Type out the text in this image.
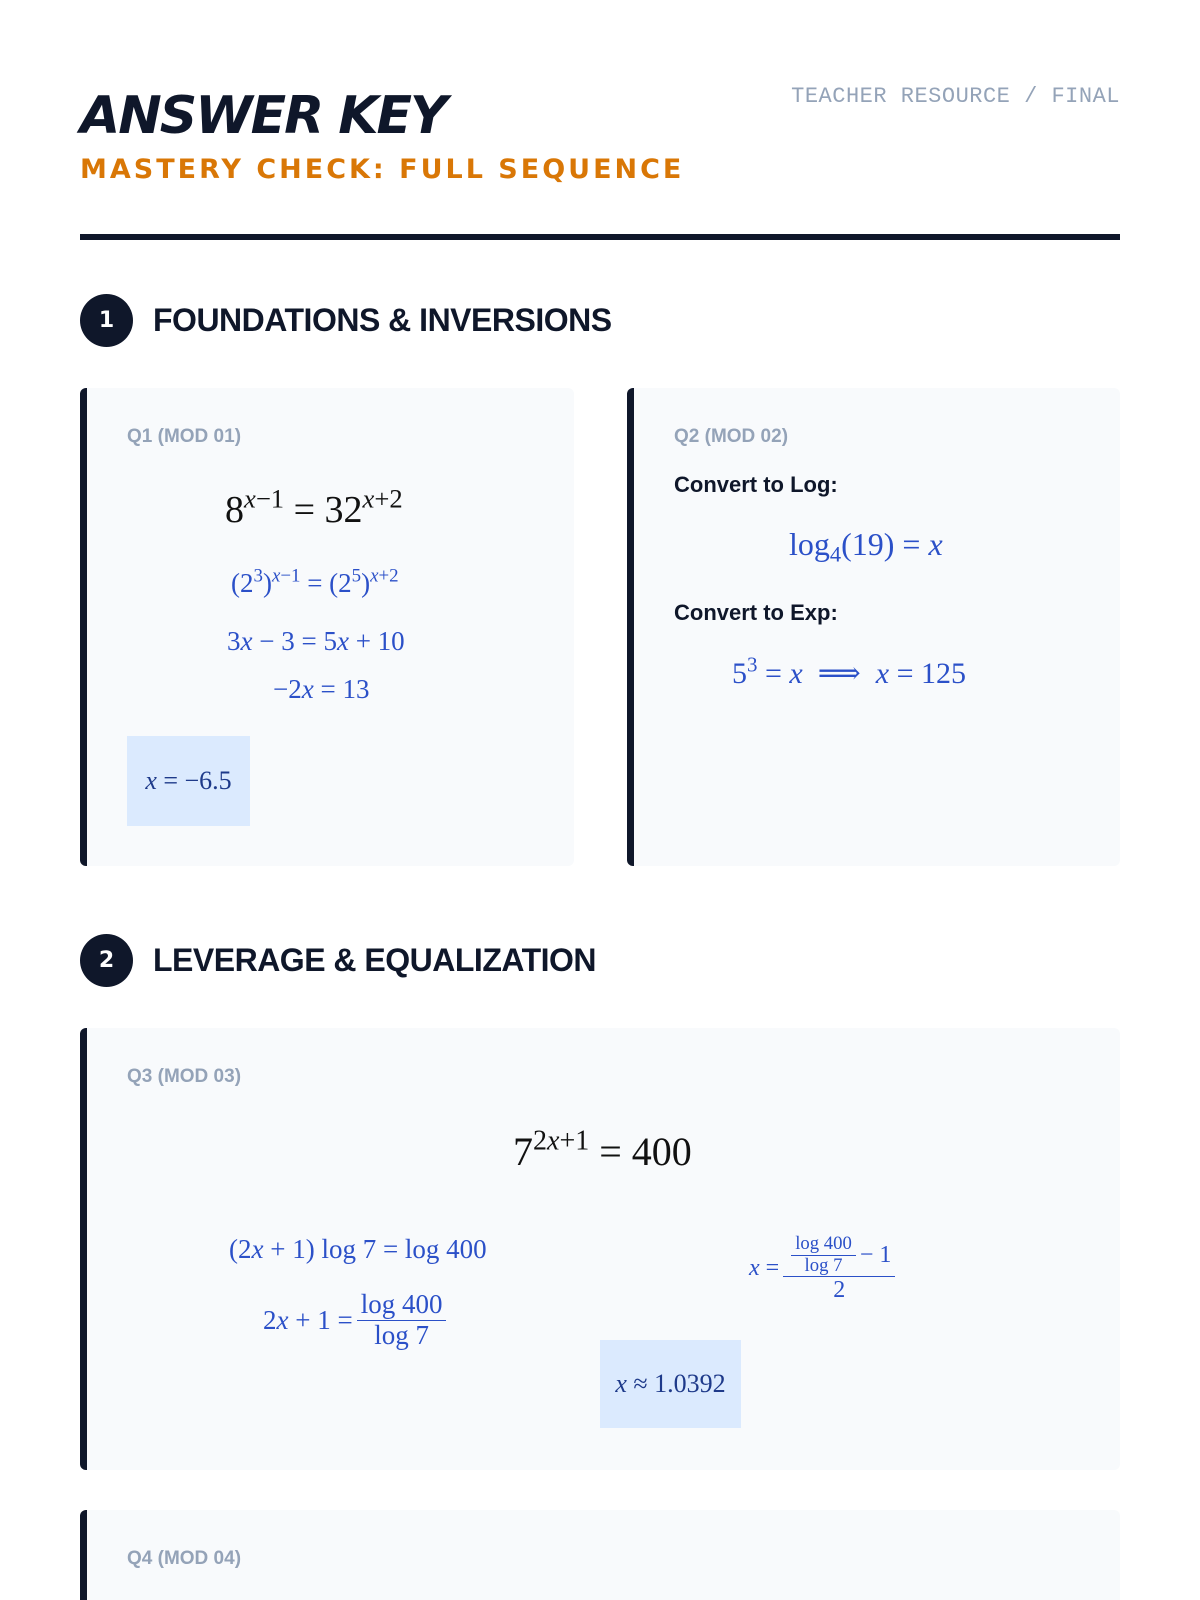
ANSWER KEY
MASTERY CHECK: FULL SEQUENCE
TEACHER RESOURCE / FINAL
1	FOUNDATIONS & INVERSIONS
Q1 (MOD 01)
$8^{x-1} = 32^{x+2}$
$(2^3)^{x-1} = (2^5)^{x+2}$
3x − 3 = 5x + 10
−2x = 13
x = −6.5
Q2 (MOD 02)
Convert to Log:
$\log_4(19) = x$
Convert to Exp:
$5^3 = x$  ⟹  x = 125
2	LEVERAGE & EQUALIZATION
Q3 (MOD 03)
$7^{2x+1} = 400$
(2x + 1) log 7 = log 400
$2x + 1 = \frac{\log 400}{\log 7}$
$x = \frac{\frac{\log 400}{\log 7} - 1}{2}$
x ≈ 1.0392
Q4 (MOD 04)
